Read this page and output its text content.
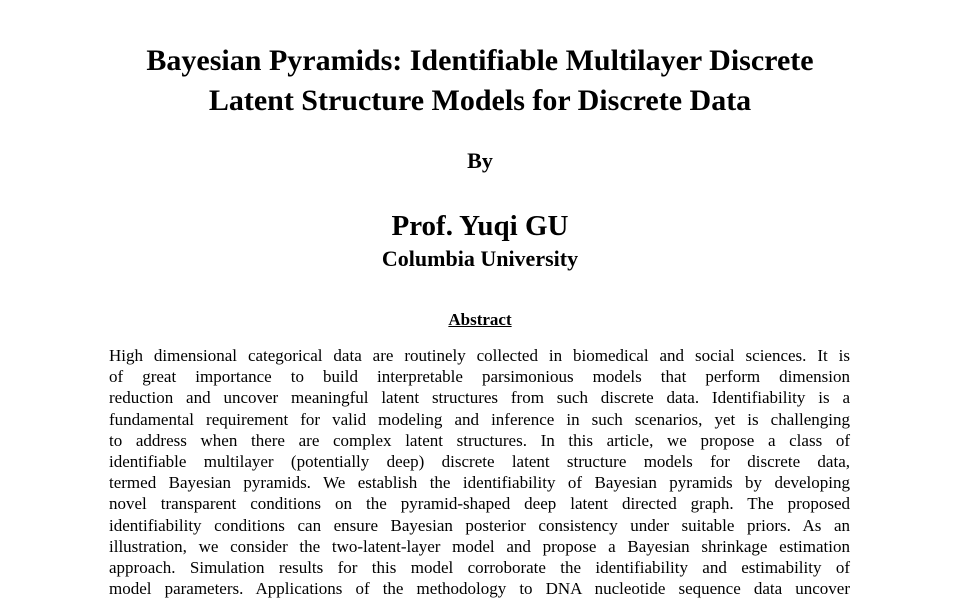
Bayesian Pyramids: Identifiable Multilayer Discrete
Latent Structure Models for Discrete Data
By
Prof. Yuqi GU
Columbia University
Abstract
High dimensional categorical data are routinely collected in biomedical and social sciences. It is
of great importance to build interpretable parsimonious models that perform dimension
reduction and uncover meaningful latent structures from such discrete data. Identifiability is a
fundamental requirement for valid modeling and inference in such scenarios, yet is challenging
to address when there are complex latent structures. In this article, we propose a class of
identifiable multilayer (potentially deep) discrete latent structure models for discrete data,
termed Bayesian pyramids. We establish the identifiability of Bayesian pyramids by developing
novel transparent conditions on the pyramid-shaped deep latent directed graph. The proposed
identifiability conditions can ensure Bayesian posterior consistency under suitable priors. As an
illustration, we consider the two-latent-layer model and propose a Bayesian shrinkage estimation
approach. Simulation results for this model corroborate the identifiability and estimability of
model parameters. Applications of the methodology to DNA nucleotide sequence data uncover
